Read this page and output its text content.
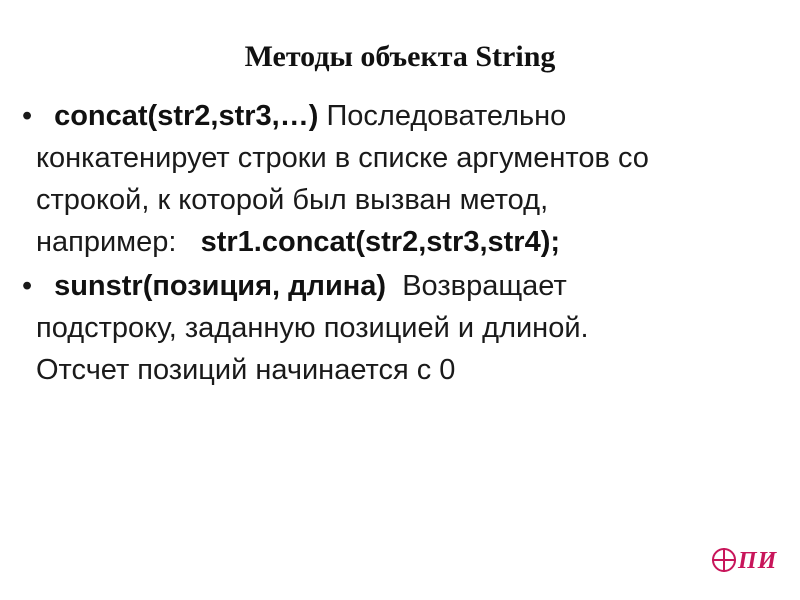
Методы объекта String
• concat(str2,str3,…) Последовательно
конкатенирует строки в списке аргументов со
строкой, к которой был вызван метод,
например: str1.concat(str2,str3,str4);
• sunstr(позиция, длина) Возвращает
подстроку, заданную позицией и длиной.
Отсчет позиций начинается с 0
ПИ
